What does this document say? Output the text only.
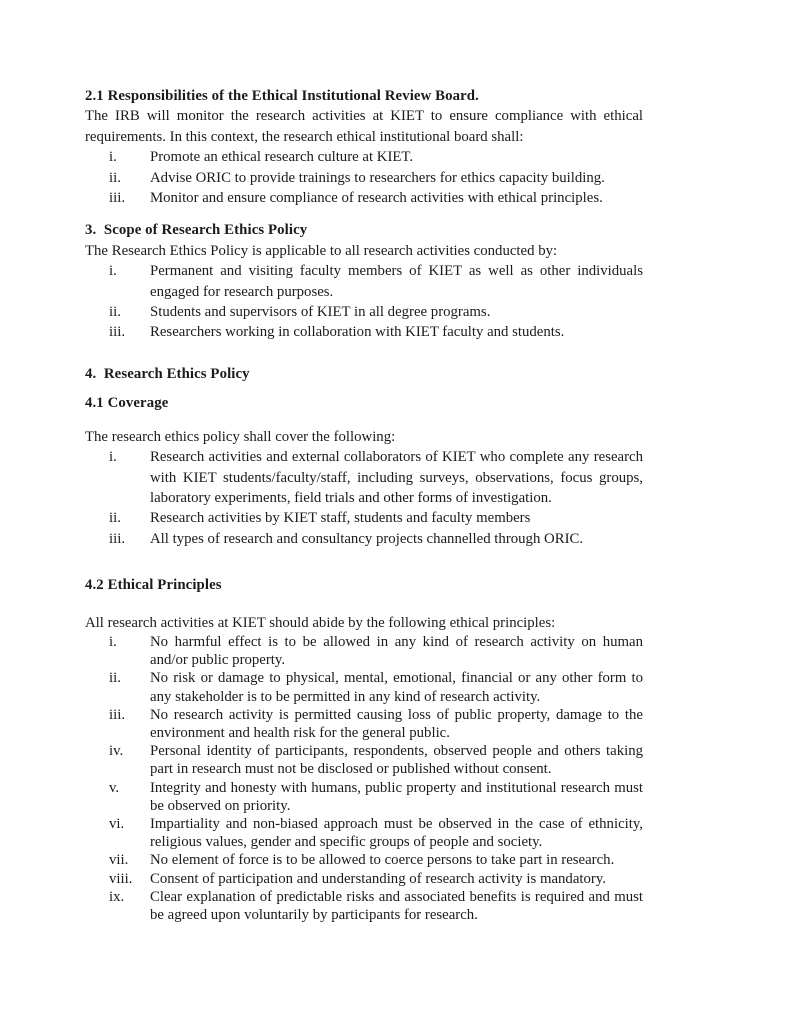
2.1 Responsibilities of the Ethical Institutional Review Board.

The IRB will monitor the research activities at KIET to ensure compliance with ethical requirements. In this context, the research ethical institutional board shall:

i. Promote an ethical research culture at KIET.
ii. Advise ORIC to provide trainings to researchers for ethics capacity building.
iii. Monitor and ensure compliance of research activities with ethical principles.
3.  Scope of Research Ethics Policy

The Research Ethics Policy is applicable to all research activities conducted by:

i. Permanent and visiting faculty members of KIET as well as other individuals engaged for research purposes.
ii. Students and supervisors of KIET in all degree programs.
iii. Researchers working in collaboration with KIET faculty and students.
4.  Research Ethics Policy
4.1 Coverage

The research ethics policy shall cover the following:

i. Research activities and external collaborators of KIET who complete any research with KIET students/faculty/staff, including surveys, observations, focus groups, laboratory experiments, field trials and other forms of investigation.
ii. Research activities by KIET staff, students and faculty members
iii. All types of research and consultancy projects channelled through ORIC.
4.2 Ethical Principles

All research activities at KIET should abide by the following ethical principles:

i. No harmful effect is to be allowed in any kind of research activity on human and/or public property.
ii. No risk or damage to physical, mental, emotional, financial or any other form to any stakeholder is to be permitted in any kind of research activity.
iii. No research activity is permitted causing loss of public property, damage to the environment and health risk for the general public.
iv. Personal identity of participants, respondents, observed people and others taking part in research must not be disclosed or published without consent.
v. Integrity and honesty with humans, public property and institutional research must be observed on priority.
vi. Impartiality and non-biased approach must be observed in the case of ethnicity, religious values, gender and specific groups of people and society.
vii. No element of force is to be allowed to coerce persons to take part in research.
viii. Consent of participation and understanding of research activity is mandatory.
ix. Clear explanation of predictable risks and associated benefits is required and must be agreed upon voluntarily by participants for research.
